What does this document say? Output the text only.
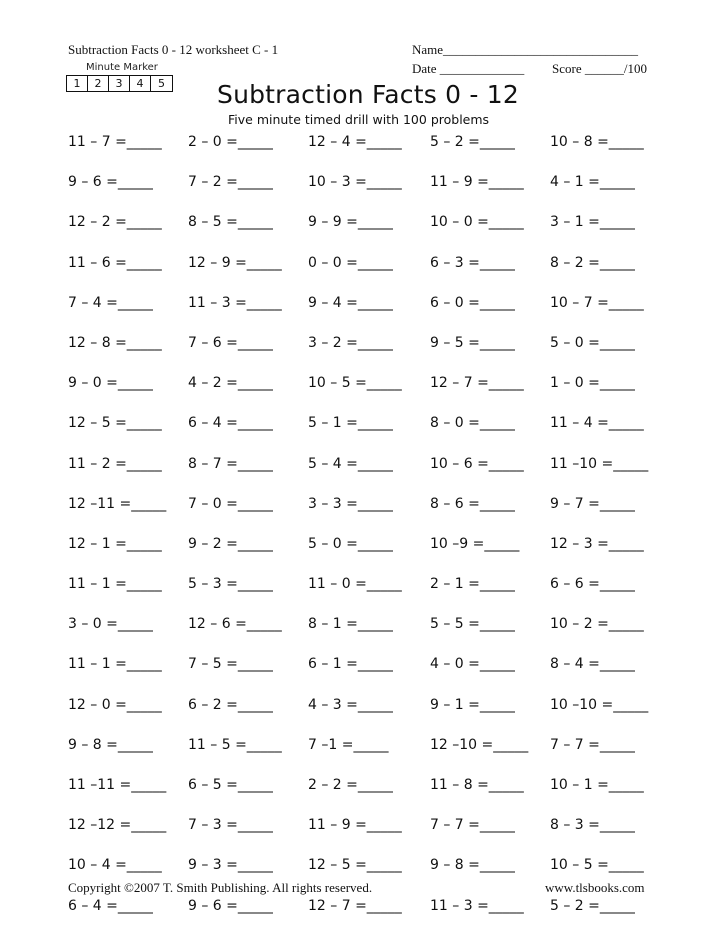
Subtraction Facts 0 - 12 worksheet C - 1	Name______________________________
Date _____________ Score ______/100
Minute Marker
1	2	3	4	5 Subtraction Facts 0 - 12
Five minute timed drill with 100 problems
11 – 7 =_____ 2 – 0 =_____	12 – 4 =_____ 5 – 2 =_____	10 – 8 =_____
9 – 6 =_____	7 – 2 =_____	10 – 3 =_____ 11 – 9 =_____ 4 – 1 =_____
12 – 2 =_____ 8 – 5 =_____	9 – 9 =_____	10 – 0 =_____ 3 – 1 =_____
11 – 6 =_____ 12 – 9 =_____ 0 – 0 =_____	6 – 3 =_____	8 – 2 =_____
7 – 4 =_____	11 – 3 =_____ 9 – 4 =_____	6 – 0 =_____	10 – 7 =_____
12 – 8 =_____ 7 – 6 =_____	3 – 2 =_____	9 – 5 =_____	5 – 0 =_____
9 – 0 =_____	4 – 2 =_____	10 – 5 =_____ 12 – 7 =_____ 1 – 0 =_____
12 – 5 =_____ 6 – 4 =_____	5 – 1 =_____	8 – 0 =_____	11 – 4 =_____
11 – 2 =_____ 8 – 7 =_____	5 – 4 =_____	10 – 6 =_____ 11 –10 =_____
12 –11 =_____ 7 – 0 =_____	3 – 3 =_____	8 – 6 =_____	9 – 7 =_____
12 – 1 =_____ 9 – 2 =_____	5 – 0 =_____	10 –9 =_____ 12 – 3 =_____
11 – 1 =_____ 5 – 3 =_____	11 – 0 =_____ 2 – 1 =_____	6 – 6 =_____
3 – 0 =_____	12 – 6 =_____ 8 – 1 =_____	5 – 5 =_____	10 – 2 =_____
11 – 1 =_____ 7 – 5 =_____	6 – 1 =_____	4 – 0 =_____	8 – 4 =_____
12 – 0 =_____ 6 – 2 =_____	4 – 3 =_____	9 – 1 =_____	10 –10 =_____
9 – 8 =_____	11 – 5 =_____ 7 –1 =_____	12 –10 =_____ 7 – 7 =_____
11 –11 =_____ 6 – 5 =_____	2 – 2 =_____	11 – 8 =_____ 10 – 1 =_____
12 –12 =_____ 7 – 3 =_____	11 – 9 =_____ 7 – 7 =_____	8 – 3 =_____
10 – 4 =_____ 9 – 3 =_____	12 – 5 =_____ 9 – 8 =_____	10 – 5 =_____
6 – 4 =_____	9 – 6 =_____	12 – 7 =_____ 11 – 3 =_____ 5 – 2 =_____
Copyright ©2007 T. Smith Publishing. All rights reserved.	www.tlsbooks.com
